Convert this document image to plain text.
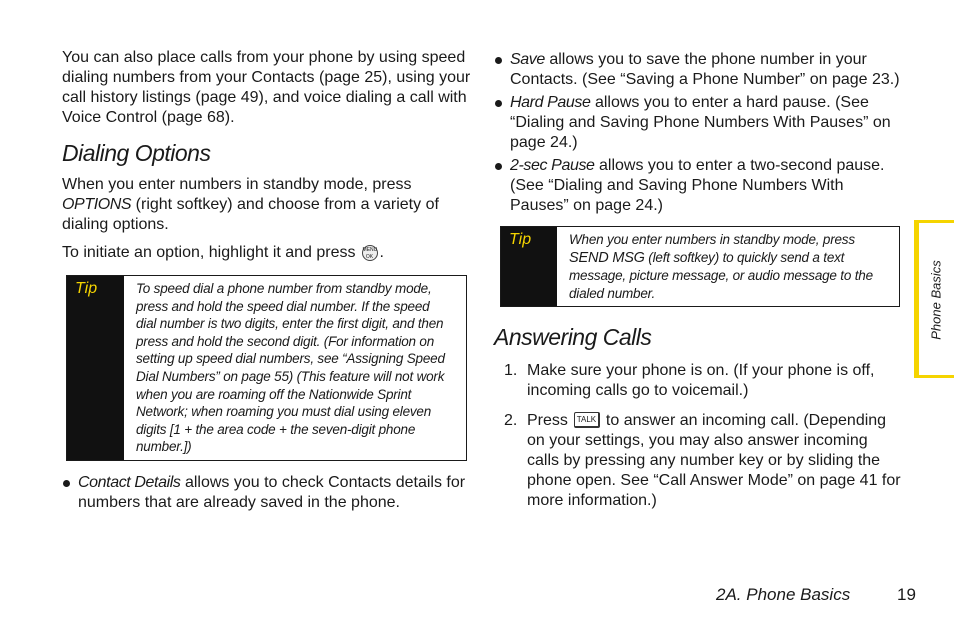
You can also place calls from your phone by using speed dialing numbers from your Contacts (page 25), using your call history listings (page 49), and voice dialing a call with Voice Control (page 68).

Dialing Options

When you enter numbers in standby mode, press OPTIONS (right softkey) and choose from a variety of dialing options.

To initiate an option, highlight it and press MENU OK .

Tip	To speed dial a phone number from standby mode, press and hold the speed dial number. If the speed dial number is two digits, enter the first digit, and then press and hold the second digit. (For information on setting up speed dial numbers, see “Assigning Speed Dial Numbers” on page 55) (This feature will not work when you are roaming off the Nationwide Sprint Network; when roaming you must dial using eleven digits [1 + the area code + the seven-digit phone number.])
Contact Details allows you to check Contacts details for numbers that are already saved in the phone.
Save allows you to save the phone number in your Contacts. (See “Saving a Phone Number” on page 23.)
Hard Pause allows you to enter a hard pause. (See “Dialing and Saving Phone Numbers With Pauses” on page 24.)
2-sec Pause allows you to enter a two-second pause. (See “Dialing and Saving Phone Numbers With Pauses” on page 24.)
Tip	When you enter numbers in standby mode, press SEND MSG (left softkey) to quickly send a text message, picture message, or audio message to the dialed number.
Answering Calls
1. Make sure your phone is on. (If your phone is off, incoming calls go to voicemail.)
2. Press TALK to answer an incoming call. (Depending on your settings, you may also answer incoming calls by pressing any number key or by sliding the phone open. See “Call Answer Mode” on page 41 for more information.)
Phone Basics
2A. Phone Basics	19
